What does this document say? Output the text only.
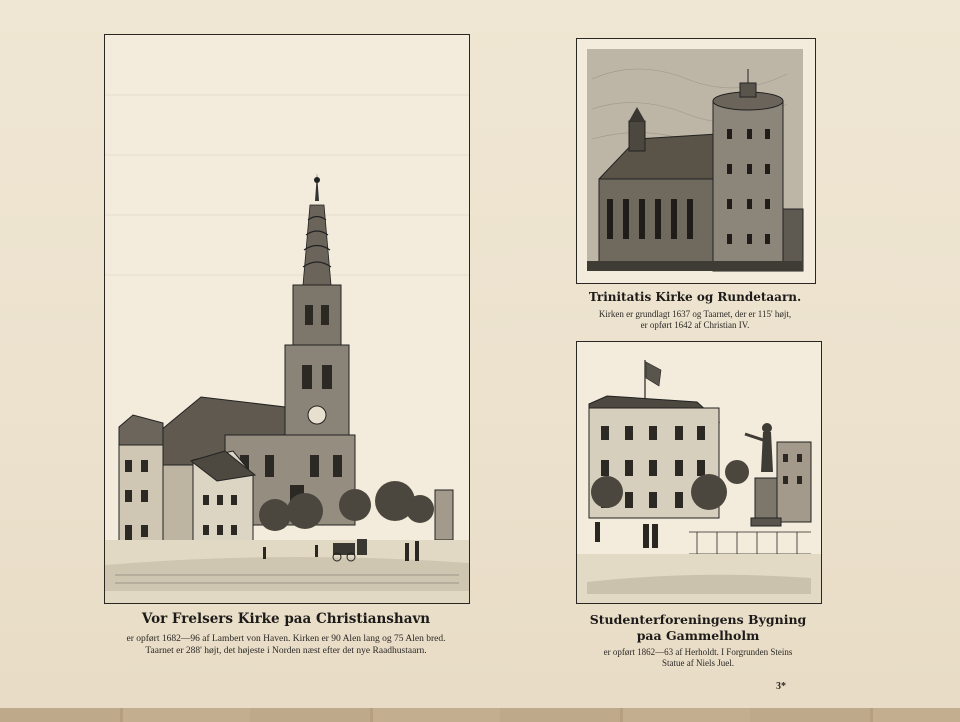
Vor Frelsers Kirke paa Christianshavn
er opført 1682—96 af Lambert von Haven. Kirken er 90 Alen lang og 75 Alen bred.
Taarnet er 288' højt, det højeste i Norden næst efter det nye Raadhustaarn.
Trinitatis Kirke og Rundetaarn.
Kirken er grundlagt 1637 og Taarnet, der er 115' højt,
er opført 1642 af Christian IV.
Studenterforeningens Bygning
paa Gammelholm
er opført 1862—63 af Herholdt. I Forgrunden Steins
Statue af Niels Juel.
3*
